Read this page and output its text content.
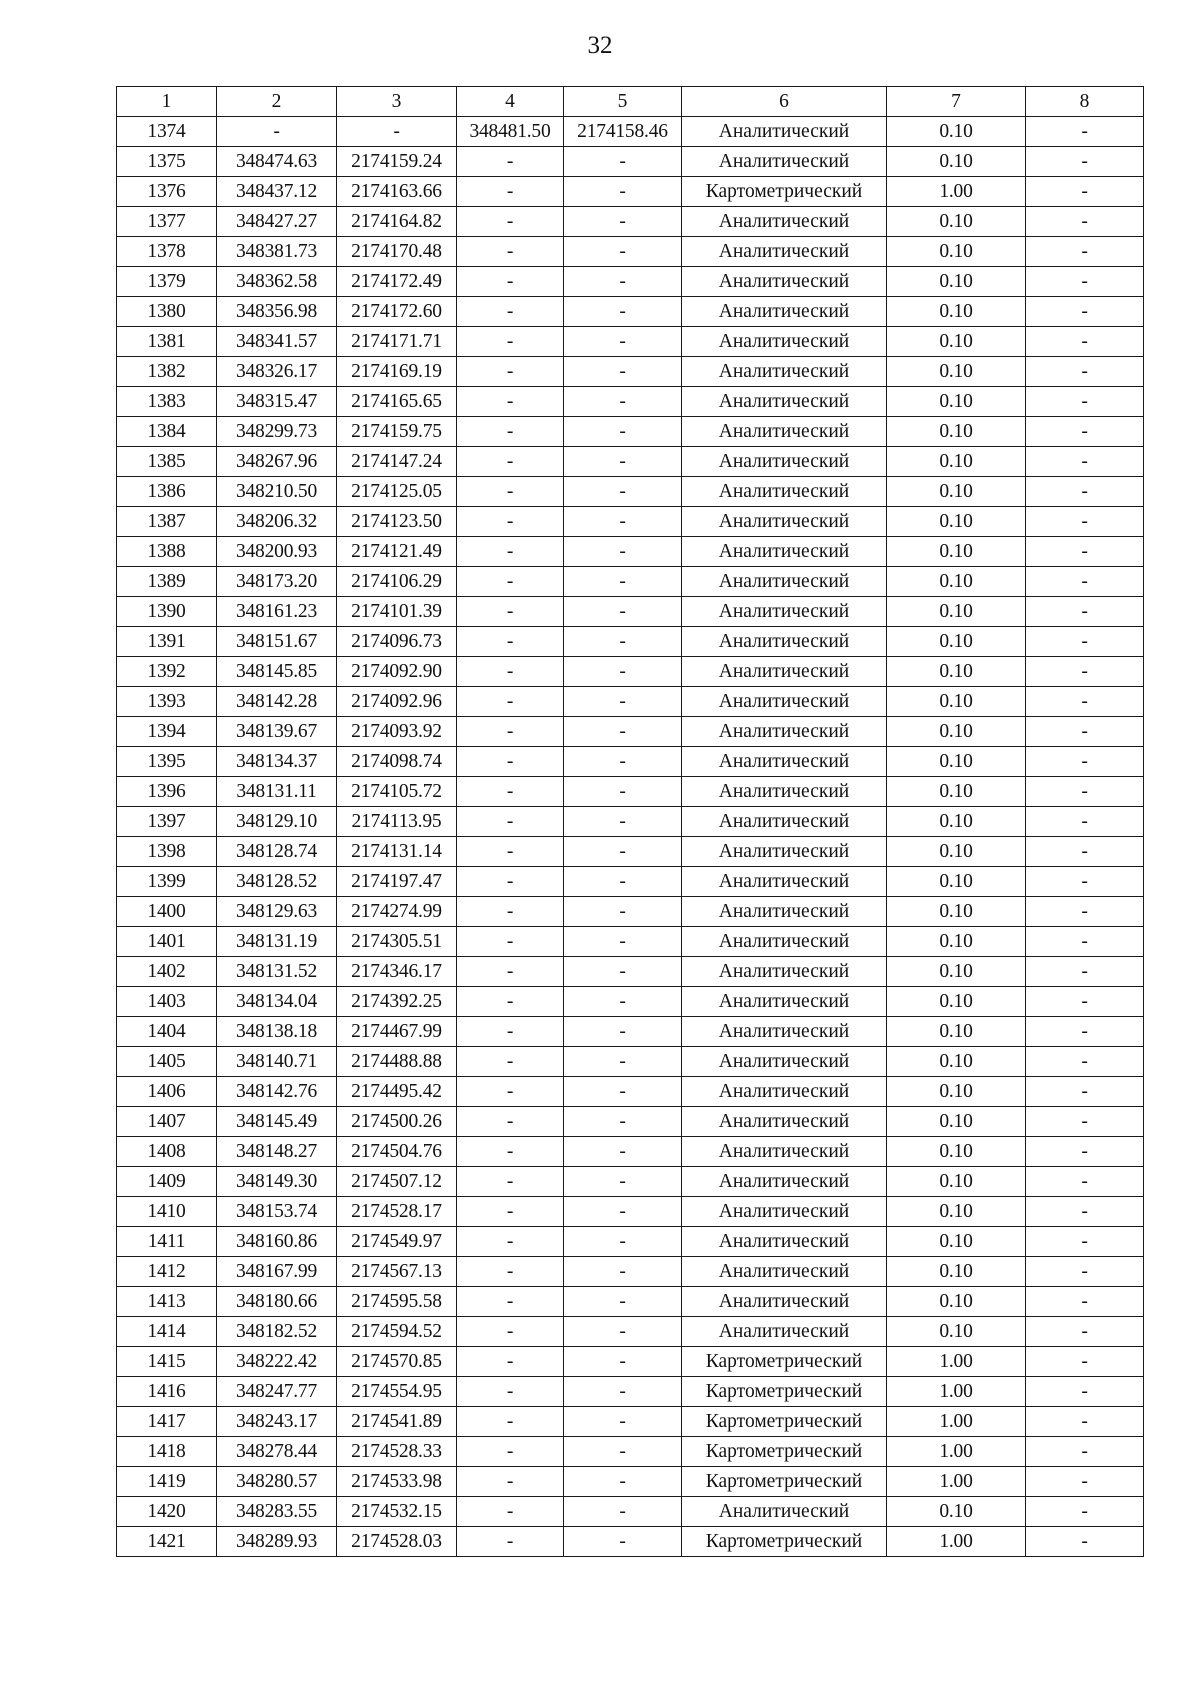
32
1	2	3	4	5	6	7	8
1374	-	-	348481.50	2174158.46	Аналитический	0.10	-
1375	348474.63	2174159.24	-	-	Аналитический	0.10	-
1376	348437.12	2174163.66	-	-	Картометрический	1.00	-
1377	348427.27	2174164.82	-	-	Аналитический	0.10	-
1378	348381.73	2174170.48	-	-	Аналитический	0.10	-
1379	348362.58	2174172.49	-	-	Аналитический	0.10	-
1380	348356.98	2174172.60	-	-	Аналитический	0.10	-
1381	348341.57	2174171.71	-	-	Аналитический	0.10	-
1382	348326.17	2174169.19	-	-	Аналитический	0.10	-
1383	348315.47	2174165.65	-	-	Аналитический	0.10	-
1384	348299.73	2174159.75	-	-	Аналитический	0.10	-
1385	348267.96	2174147.24	-	-	Аналитический	0.10	-
1386	348210.50	2174125.05	-	-	Аналитический	0.10	-
1387	348206.32	2174123.50	-	-	Аналитический	0.10	-
1388	348200.93	2174121.49	-	-	Аналитический	0.10	-
1389	348173.20	2174106.29	-	-	Аналитический	0.10	-
1390	348161.23	2174101.39	-	-	Аналитический	0.10	-
1391	348151.67	2174096.73	-	-	Аналитический	0.10	-
1392	348145.85	2174092.90	-	-	Аналитический	0.10	-
1393	348142.28	2174092.96	-	-	Аналитический	0.10	-
1394	348139.67	2174093.92	-	-	Аналитический	0.10	-
1395	348134.37	2174098.74	-	-	Аналитический	0.10	-
1396	348131.11	2174105.72	-	-	Аналитический	0.10	-
1397	348129.10	2174113.95	-	-	Аналитический	0.10	-
1398	348128.74	2174131.14	-	-	Аналитический	0.10	-
1399	348128.52	2174197.47	-	-	Аналитический	0.10	-
1400	348129.63	2174274.99	-	-	Аналитический	0.10	-
1401	348131.19	2174305.51	-	-	Аналитический	0.10	-
1402	348131.52	2174346.17	-	-	Аналитический	0.10	-
1403	348134.04	2174392.25	-	-	Аналитический	0.10	-
1404	348138.18	2174467.99	-	-	Аналитический	0.10	-
1405	348140.71	2174488.88	-	-	Аналитический	0.10	-
1406	348142.76	2174495.42	-	-	Аналитический	0.10	-
1407	348145.49	2174500.26	-	-	Аналитический	0.10	-
1408	348148.27	2174504.76	-	-	Аналитический	0.10	-
1409	348149.30	2174507.12	-	-	Аналитический	0.10	-
1410	348153.74	2174528.17	-	-	Аналитический	0.10	-
1411	348160.86	2174549.97	-	-	Аналитический	0.10	-
1412	348167.99	2174567.13	-	-	Аналитический	0.10	-
1413	348180.66	2174595.58	-	-	Аналитический	0.10	-
1414	348182.52	2174594.52	-	-	Аналитический	0.10	-
1415	348222.42	2174570.85	-	-	Картометрический	1.00	-
1416	348247.77	2174554.95	-	-	Картометрический	1.00	-
1417	348243.17	2174541.89	-	-	Картометрический	1.00	-
1418	348278.44	2174528.33	-	-	Картометрический	1.00	-
1419	348280.57	2174533.98	-	-	Картометрический	1.00	-
1420	348283.55	2174532.15	-	-	Аналитический	0.10	-
1421	348289.93	2174528.03	-	-	Картометрический	1.00	-
